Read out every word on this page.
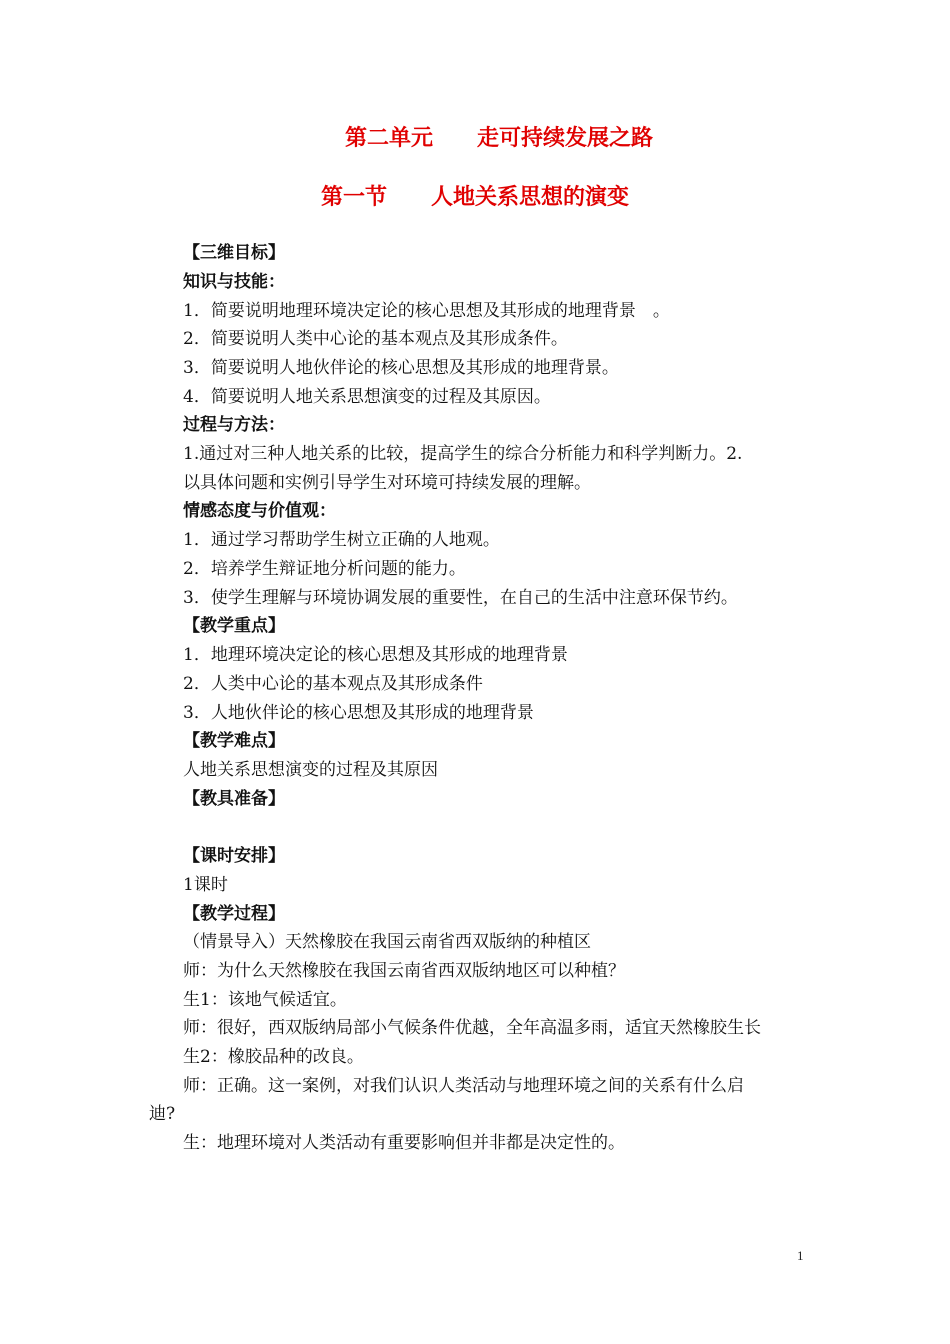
第二单元　　走可持续发展之路
第一节　　人地关系思想的演变
【三维目标】
知识与技能：
1．简要说明地理环境决定论的核心思想及其形成的地理背景　。
2．简要说明人类中心论的基本观点及其形成条件。
3．简要说明人地伙伴论的核心思想及其形成的地理背景。
4．简要说明人地关系思想演变的过程及其原因。
过程与方法：
1.通过对三种人地关系的比较，提高学生的综合分析能力和科学判断力。2.
以具体问题和实例引导学生对环境可持续发展的理解。
情感态度与价值观：
1．通过学习帮助学生树立正确的人地观。
2．培养学生辩证地分析问题的能力。
3．使学生理解与环境协调发展的重要性，在自己的生活中注意环保节约。
【教学重点】
1．地理环境决定论的核心思想及其形成的地理背景
2．人类中心论的基本观点及其形成条件
3．人地伙伴论的核心思想及其形成的地理背景
【教学难点】
人地关系思想演变的过程及其原因
【教具准备】
【课时安排】
1课时
【教学过程】
（情景导入）天然橡胶在我国云南省西双版纳的种植区
师：为什么天然橡胶在我国云南省西双版纳地区可以种植？
生1：该地气候适宜。
师：很好，西双版纳局部小气候条件优越，全年高温多雨，适宜天然橡胶生长
生2：橡胶品种的改良。
　　师：正确。这一案例，对我们认识人类活动与地理环境之间的关系有什么启
迪?
　　生：地理环境对人类活动有重要影响但并非都是决定性的。
1
